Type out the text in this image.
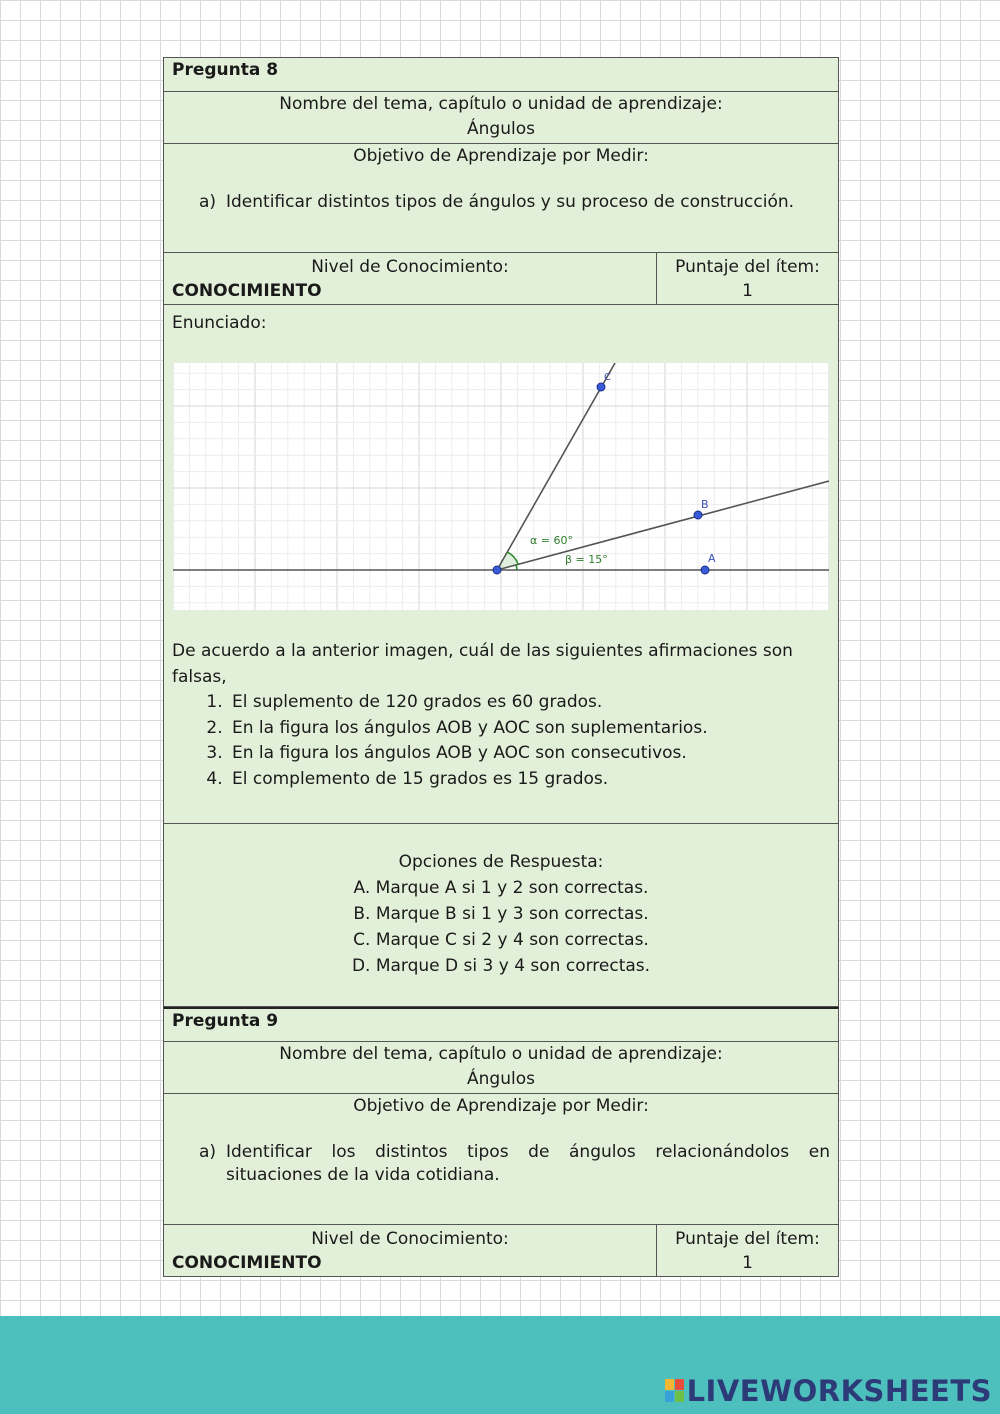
Pregunta 8
Nombre del tema, capítulo o unidad de aprendizaje:
Ángulos
Objetivo de Aprendizaje por Medir:
a) Identificar distintos tipos de ángulos y su proceso de construcción.
Nivel de Conocimiento:
CONOCIMIENTO
Puntaje del ítem:
1
Enunciado:
α = 60°
β = 15°	A
B
C
De acuerdo a la anterior imagen, cuál de las siguientes afirmaciones son falsas,
1. El suplemento de 120 grados es 60 grados.
2. En la figura los ángulos AOB y AOC son suplementarios.
3. En la figura los ángulos AOB y AOC son consecutivos.
4. El complemento de 15 grados es 15 grados.
Opciones de Respuesta:
A. Marque A si 1 y 2 son correctas.
B. Marque B si 1 y 3 son correctas.
C. Marque C si 2 y 4 son correctas.
D. Marque D si 3 y 4 son correctas.
Pregunta 9
Nombre del tema, capítulo o unidad de aprendizaje:
Ángulos
Objetivo de Aprendizaje por Medir:
a) Identificar los distintos tipos de ángulos relacionándolos en situaciones de la vida cotidiana.
Nivel de Conocimiento:
CONOCIMIENTO
Puntaje del ítem:
1
LIVEWORKSHEETS
